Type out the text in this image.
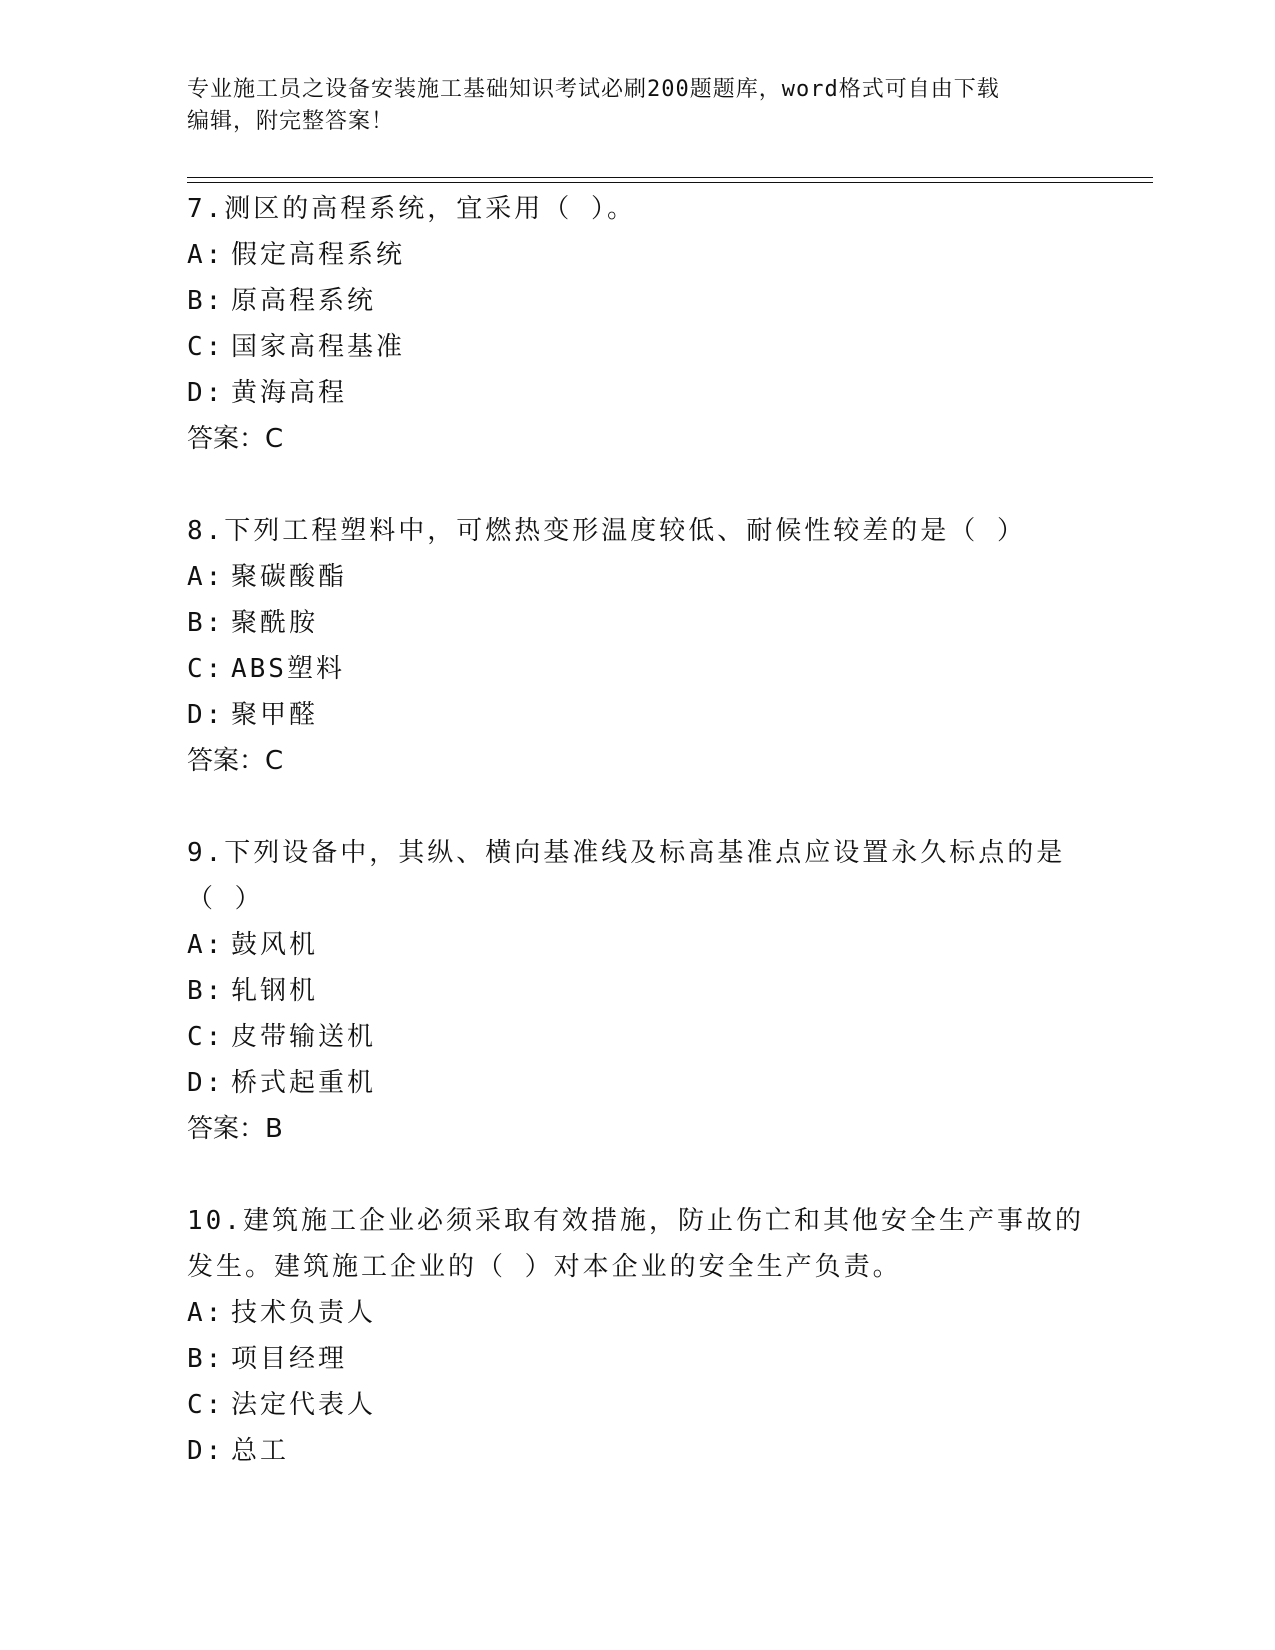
专业施工员之设备安装施工基础知识考试必刷200题题库，word格式可自由下载
编辑，附完整答案！
7.测区的高程系统，宜采用（ ）。
A: 假定高程系统
B: 原高程系统
C: 国家高程基准
D: 黄海高程
答案：C
8.下列工程塑料中，可燃热变形温度较低、耐候性较差的是（ ）
A: 聚碳酸酯
B: 聚酰胺
C: ABS塑料
D: 聚甲醛
答案：C
9.下列设备中，其纵、横向基准线及标高基准点应设置永久标点的是（ ）
A: 鼓风机
B: 轧钢机
C: 皮带输送机
D: 桥式起重机
答案：B
10.建筑施工企业必须采取有效措施，防止伤亡和其他安全生产事故的发生。建筑施工企业的（ ）对本企业的安全生产负责。
A: 技术负责人
B: 项目经理
C: 法定代表人
D: 总工
